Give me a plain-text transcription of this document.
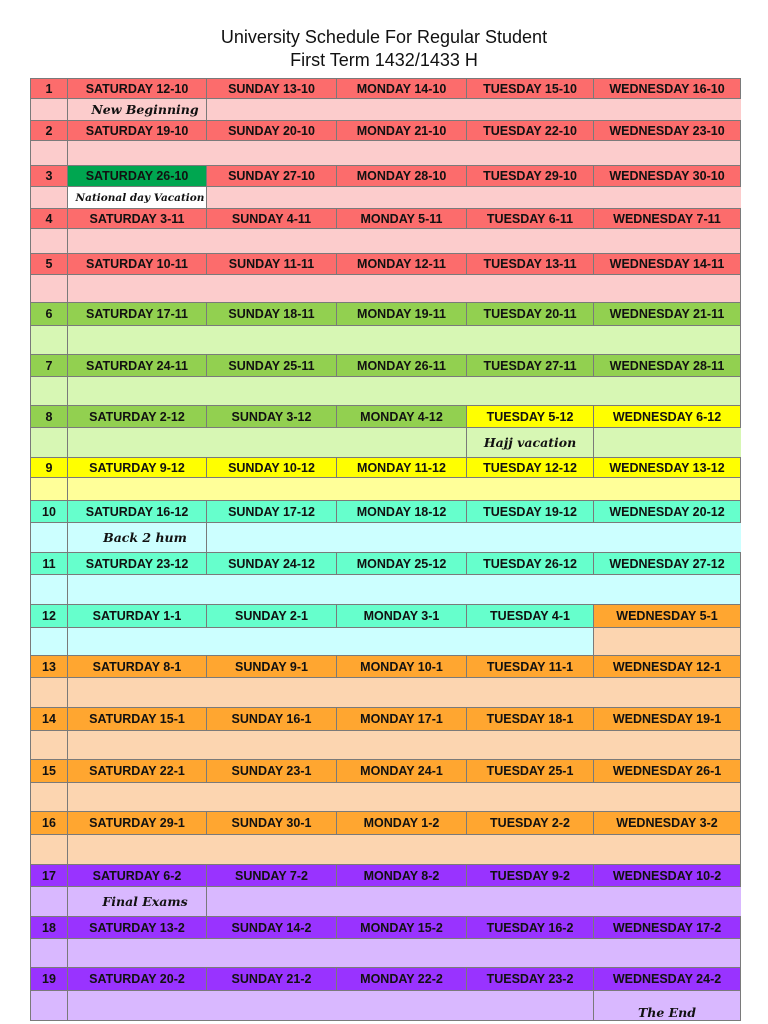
University Schedule For Regular Student
First Term 1432/1433 H
1	SATURDAY 12-10	SUNDAY 13-10	MONDAY 14-10	TUESDAY 15-10	WEDNESDAY 16-10
	New Beginning				
2	SATURDAY 19-10	SUNDAY 20-10	MONDAY 21-10	TUESDAY 22-10	WEDNESDAY 23-10

3	SATURDAY 26-10	SUNDAY 27-10	MONDAY 28-10	TUESDAY 29-10	WEDNESDAY 30-10
	National day Vacation				
4	SATURDAY 3-11	SUNDAY 4-11	MONDAY 5-11	TUESDAY 6-11	WEDNESDAY 7-11

5	SATURDAY 10-11	SUNDAY 11-11	MONDAY 12-11	TUESDAY 13-11	WEDNESDAY 14-11

6	SATURDAY 17-11	SUNDAY 18-11	MONDAY 19-11	TUESDAY 20-11	WEDNESDAY 21-11

7	SATURDAY 24-11	SUNDAY 25-11	MONDAY 26-11	TUESDAY 27-11	WEDNESDAY 28-11

8	SATURDAY 2-12	SUNDAY 3-12	MONDAY 4-12	TUESDAY 5-12	WEDNESDAY 6-12
				Hajj vacation	
9	SATURDAY 9-12	SUNDAY 10-12	MONDAY 11-12	TUESDAY 12-12	WEDNESDAY 13-12

10	SATURDAY 16-12	SUNDAY 17-12	MONDAY 18-12	TUESDAY 19-12	WEDNESDAY 20-12
	Back 2 hum				
11	SATURDAY 23-12	SUNDAY 24-12	MONDAY 25-12	TUESDAY 26-12	WEDNESDAY 27-12

12	SATURDAY 1-1	SUNDAY 2-1	MONDAY 3-1	TUESDAY 4-1	WEDNESDAY 5-1

13	SATURDAY 8-1	SUNDAY 9-1	MONDAY 10-1	TUESDAY 11-1	WEDNESDAY 12-1

14	SATURDAY 15-1	SUNDAY 16-1	MONDAY 17-1	TUESDAY 18-1	WEDNESDAY 19-1

15	SATURDAY 22-1	SUNDAY 23-1	MONDAY 24-1	TUESDAY 25-1	WEDNESDAY 26-1

16	SATURDAY 29-1	SUNDAY 30-1	MONDAY 1-2	TUESDAY 2-2	WEDNESDAY 3-2

17	SATURDAY 6-2	SUNDAY 7-2	MONDAY 8-2	TUESDAY 9-2	WEDNESDAY 10-2
	Final Exams				
18	SATURDAY 13-2	SUNDAY 14-2	MONDAY 15-2	TUESDAY 16-2	WEDNESDAY 17-2

19	SATURDAY 20-2	SUNDAY 21-2	MONDAY 22-2	TUESDAY 23-2	WEDNESDAY 24-2
					The End
